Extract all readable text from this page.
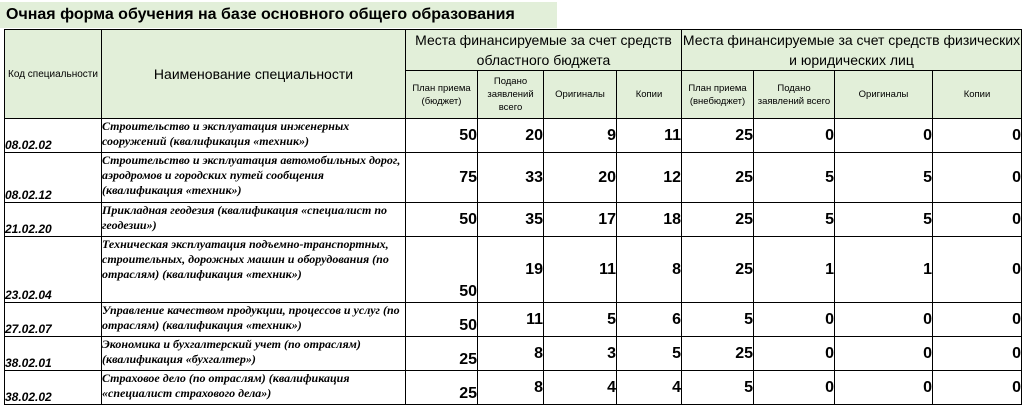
Очная форма обучения на базе основного общего образования
Код специальности	Наименование специальности	Места финансируемые за счет средств областного бюджета				Места финансируемые за счет средств физических и юридических лиц			
		План приема (бюджет)	Подано заявлений всего	Оригиналы	Копии	План приема (внебюджет)	Подано заявлений всего	Оригиналы	Копии
08.02.02	Строительство и эксплуатация инженерных сооружений (квалификация «техник»)	50	20	9	11	25	0	0	0
08.02.12	Строительство и эксплуатация автомобильных дорог, аэродромов и городских путей сообщения (квалификация «техник»)	75	33	20	12	25	5	5	0
21.02.20	Прикладная геодезия (квалификация «специалист по геодезии»)	50	35	17	18	25	5	5	0
23.02.04	Техническая эксплуатация подъемно-транспортных, строительных, дорожных машин и оборудования (по отраслям) (квалификация «техник»)	50	19	11	8	25	1	1	0
27.02.07	Управление качеством продукции, процессов и услуг (по отраслям) (квалификация «техник»)	50	11	5	6	5	0	0	0
38.02.01	Экономика и бухгалтерский учет (по отраслям) (квалификация «бухгалтер»)	25	8	3	5	25	0	0	0
38.02.02	Страховое дело (по отраслям) (квалификация «специалист страхового дела»)	25	8	4	4	5	0	0	0
